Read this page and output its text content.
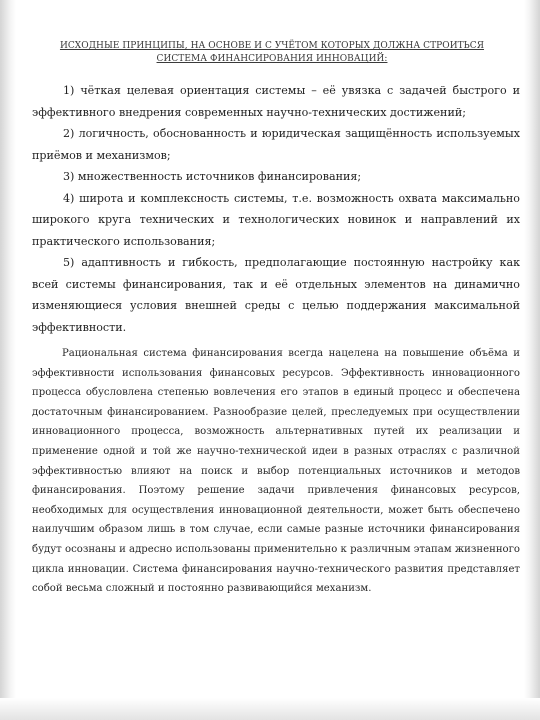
ИСХОДНЫЕ ПРИНЦИПЫ, НА ОСНОВЕ И С УЧЁТОМ КОТОРЫХ ДОЛЖНА СТРОИТЬСЯ СИСТЕМА ФИНАНСИРОВАНИЯ ИННОВАЦИЙ:

1) чёткая целевая ориентация системы – её увязка с задачей быстрого и эффективного внедрения современных научно-технических достижений;

2) логичность, обоснованность и юридическая защищённость используемых приёмов и механизмов;

3) множественность источников финансирования;

4) широта и комплексность системы, т.е. возможность охвата максимально широкого круга технических и технологических новинок и направлений их практического использования;

5) адаптивность и гибкость, предполагающие постоянную настройку как всей системы финансирования, так и её отдельных элементов на динамично изменяющиеся условия внешней среды с целью поддержания максимальной эффективности.

Рациональная система финансирования всегда нацелена на повышение объёма и эффективности использования финансовых ресурсов. Эффективность инновационного процесса обусловлена степенью вовлечения его этапов в единый процесс и обеспечена достаточным финансированием. Разнообразие целей, преследуемых при осуществлении инновационного процесса, возможность альтернативных путей их реализации и применение одной и той же научно-технической идеи в разных отраслях с различной эффективностью влияют на поиск и выбор потенциальных источников и методов финансирования. Поэтому решение задачи привлечения финансовых ресурсов, необходимых для осуществления инновационной деятельности, может быть обеспечено наилучшим образом лишь в том случае, если самые разные источники финансирования будут осознаны и адресно использованы применительно к различным этапам жизненного цикла инновации. Система финансирования научно-технического развития представляет собой весьма сложный и постоянно развивающийся механизм.
